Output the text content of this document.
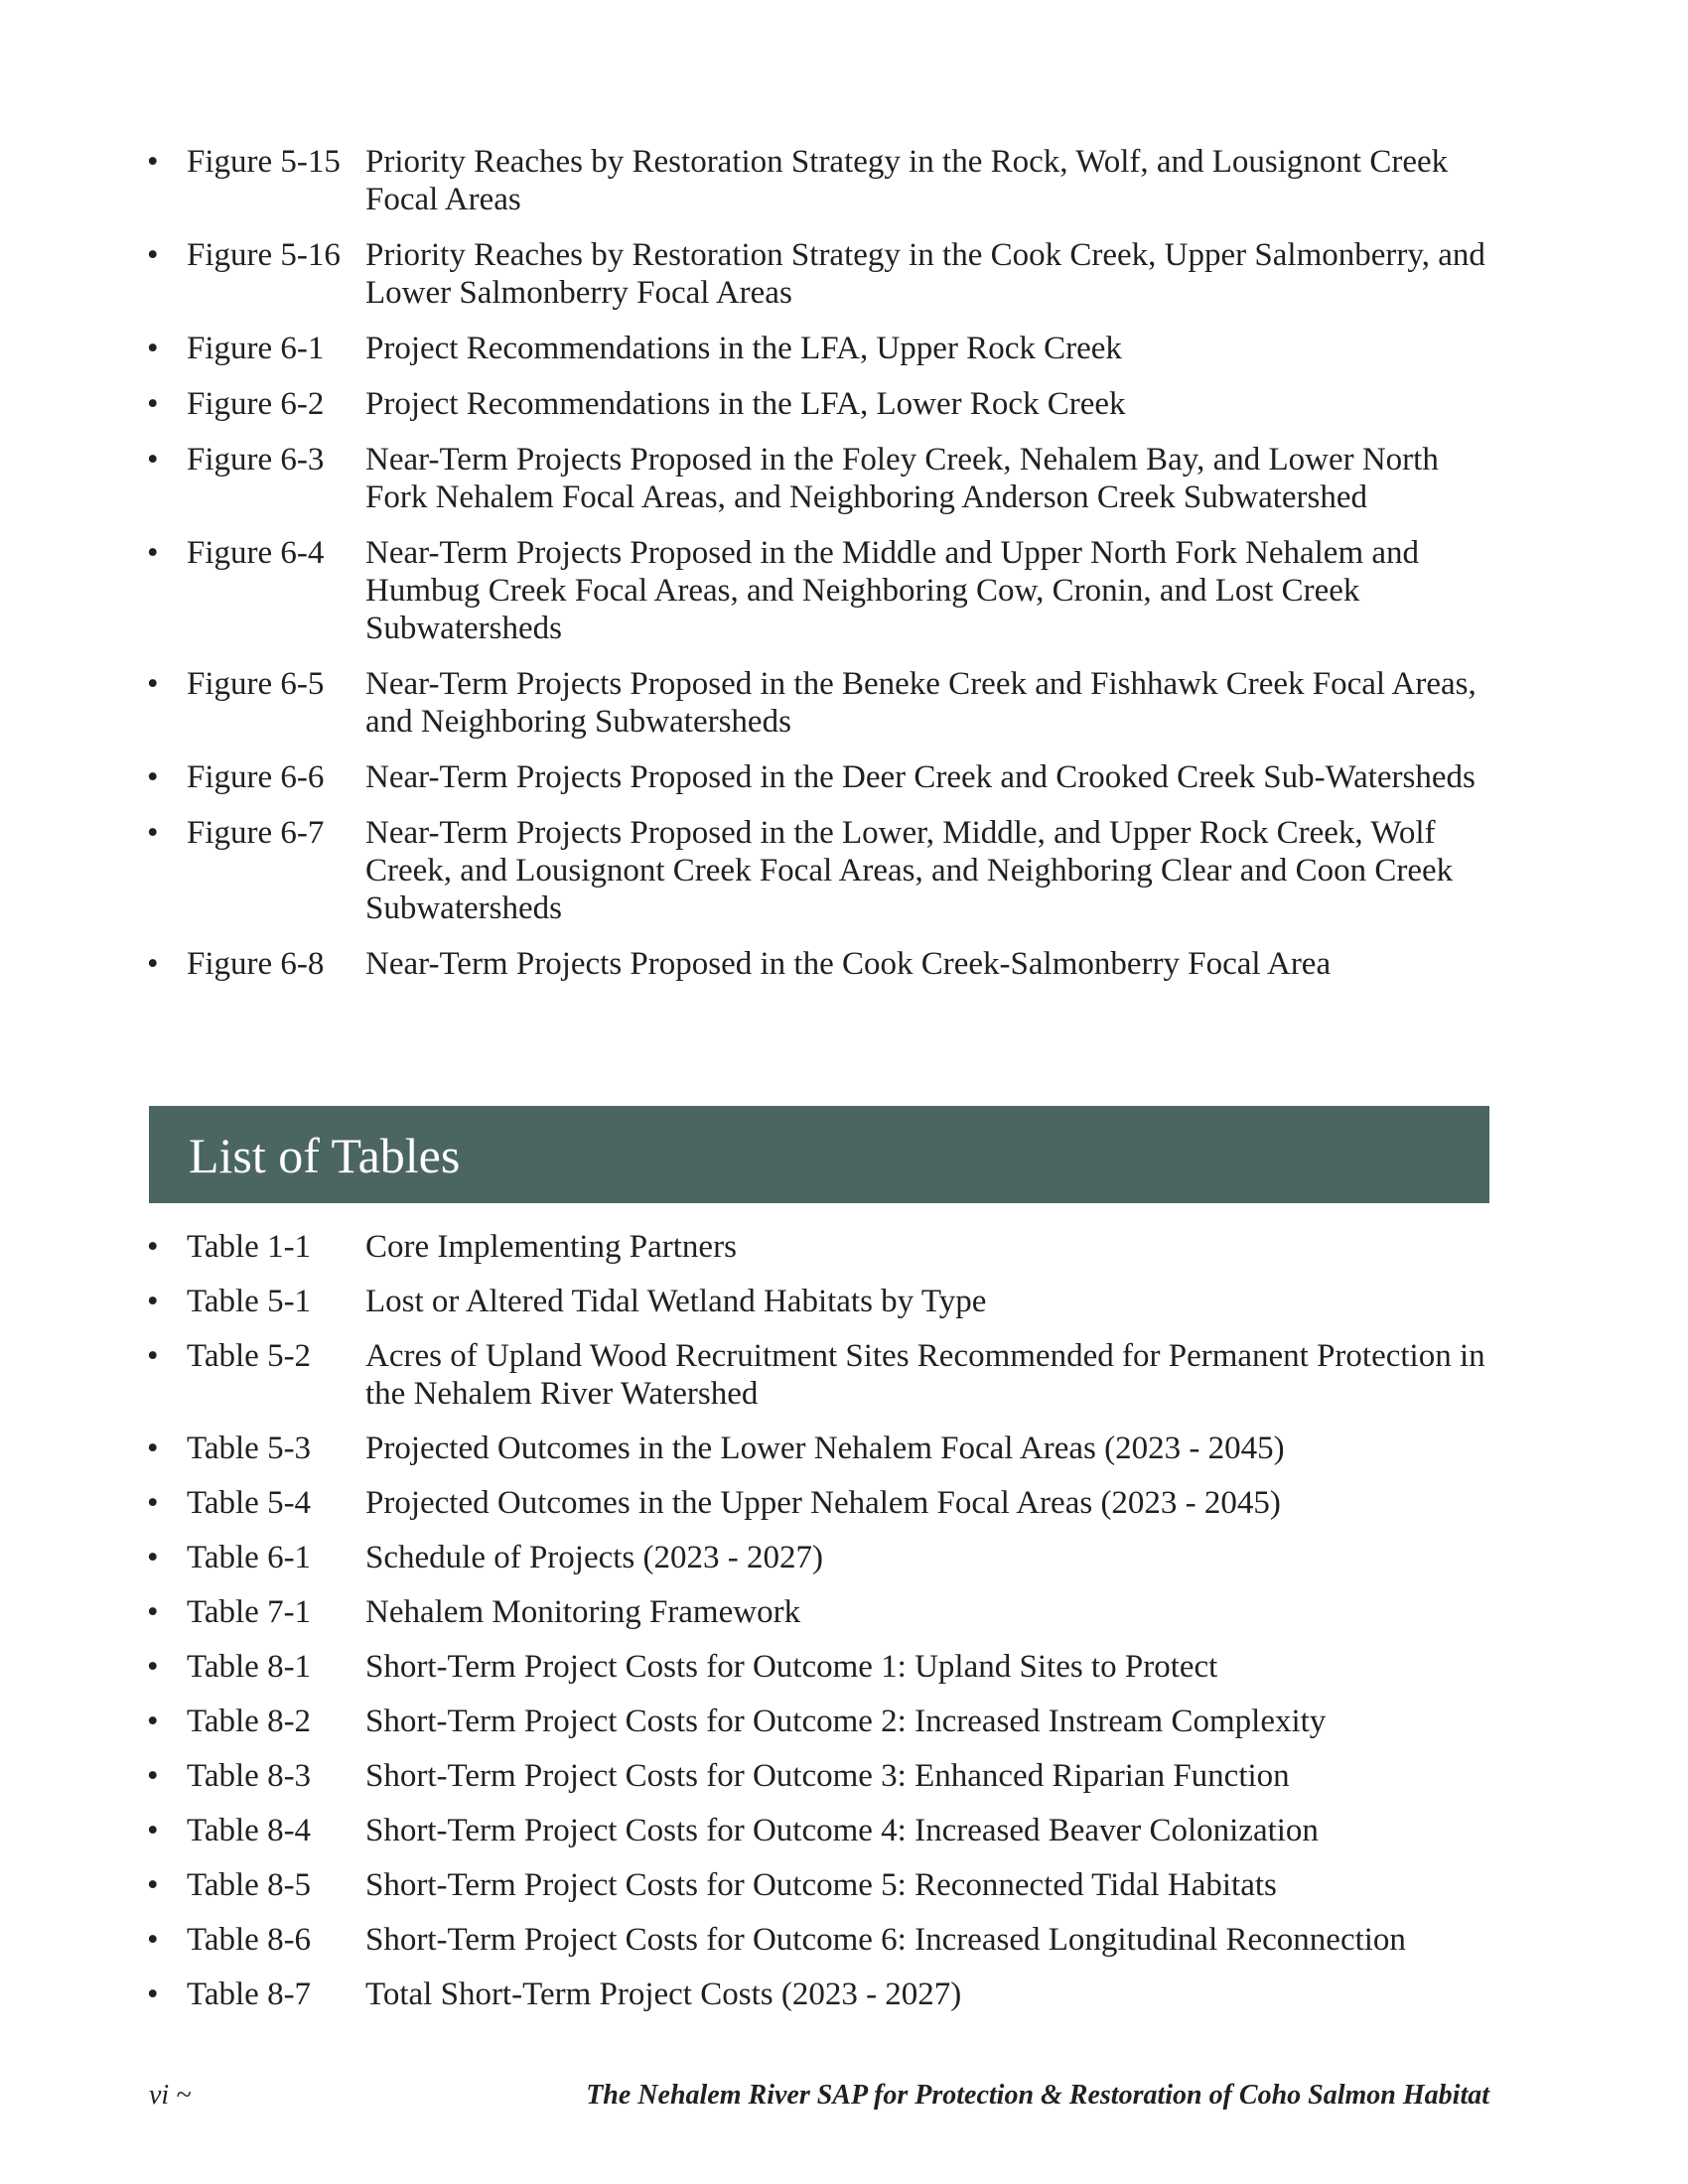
• Figure 5-15 Priority Reaches by Restoration Strategy in the Rock, Wolf, and Lousignont Creek Focal Areas
• Figure 5-16 Priority Reaches by Restoration Strategy in the Cook Creek, Upper Salmonberry, and Lower Salmonberry Focal Areas
• Figure 6-1 Project Recommendations in the LFA, Upper Rock Creek
• Figure 6-2 Project Recommendations in the LFA, Lower Rock Creek
• Figure 6-3 Near-Term Projects Proposed in the Foley Creek, Nehalem Bay, and Lower North Fork Nehalem Focal Areas, and Neighboring Anderson Creek Subwatershed
• Figure 6-4 Near-Term Projects Proposed in the Middle and Upper North Fork Nehalem and Humbug Creek Focal Areas, and Neighboring Cow, Cronin, and Lost Creek Subwatersheds
• Figure 6-5 Near-Term Projects Proposed in the Beneke Creek and Fishhawk Creek Focal Areas, and Neighboring Subwatersheds
• Figure 6-6 Near-Term Projects Proposed in the Deer Creek and Crooked Creek Sub-Watersheds
• Figure 6-7 Near-Term Projects Proposed in the Lower, Middle, and Upper Rock Creek, Wolf Creek, and Lousignont Creek Focal Areas, and Neighboring Clear and Coon Creek Subwatersheds
• Figure 6-8 Near-Term Projects Proposed in the Cook Creek-Salmonberry Focal Area
List of Tables
• Table 1-1 Core Implementing Partners
• Table 5-1 Lost or Altered Tidal Wetland Habitats by Type
• Table 5-2 Acres of Upland Wood Recruitment Sites Recommended for Permanent Protection in the Nehalem River Watershed
• Table 5-3 Projected Outcomes in the Lower Nehalem Focal Areas (2023 - 2045)
• Table 5-4 Projected Outcomes in the Upper Nehalem Focal Areas (2023 - 2045)
• Table 6-1 Schedule of Projects (2023 - 2027)
• Table 7-1 Nehalem Monitoring Framework
• Table 8-1 Short-Term Project Costs for Outcome 1: Upland Sites to Protect
• Table 8-2 Short-Term Project Costs for Outcome 2: Increased Instream Complexity
• Table 8-3 Short-Term Project Costs for Outcome 3: Enhanced Riparian Function
• Table 8-4 Short-Term Project Costs for Outcome 4: Increased Beaver Colonization
• Table 8-5 Short-Term Project Costs for Outcome 5: Reconnected Tidal Habitats
• Table 8-6 Short-Term Project Costs for Outcome 6: Increased Longitudinal Reconnection
• Table 8-7 Total Short-Term Project Costs (2023 - 2027)
vi ~	The Nehalem River SAP for Protection & Restoration of Coho Salmon Habitat
